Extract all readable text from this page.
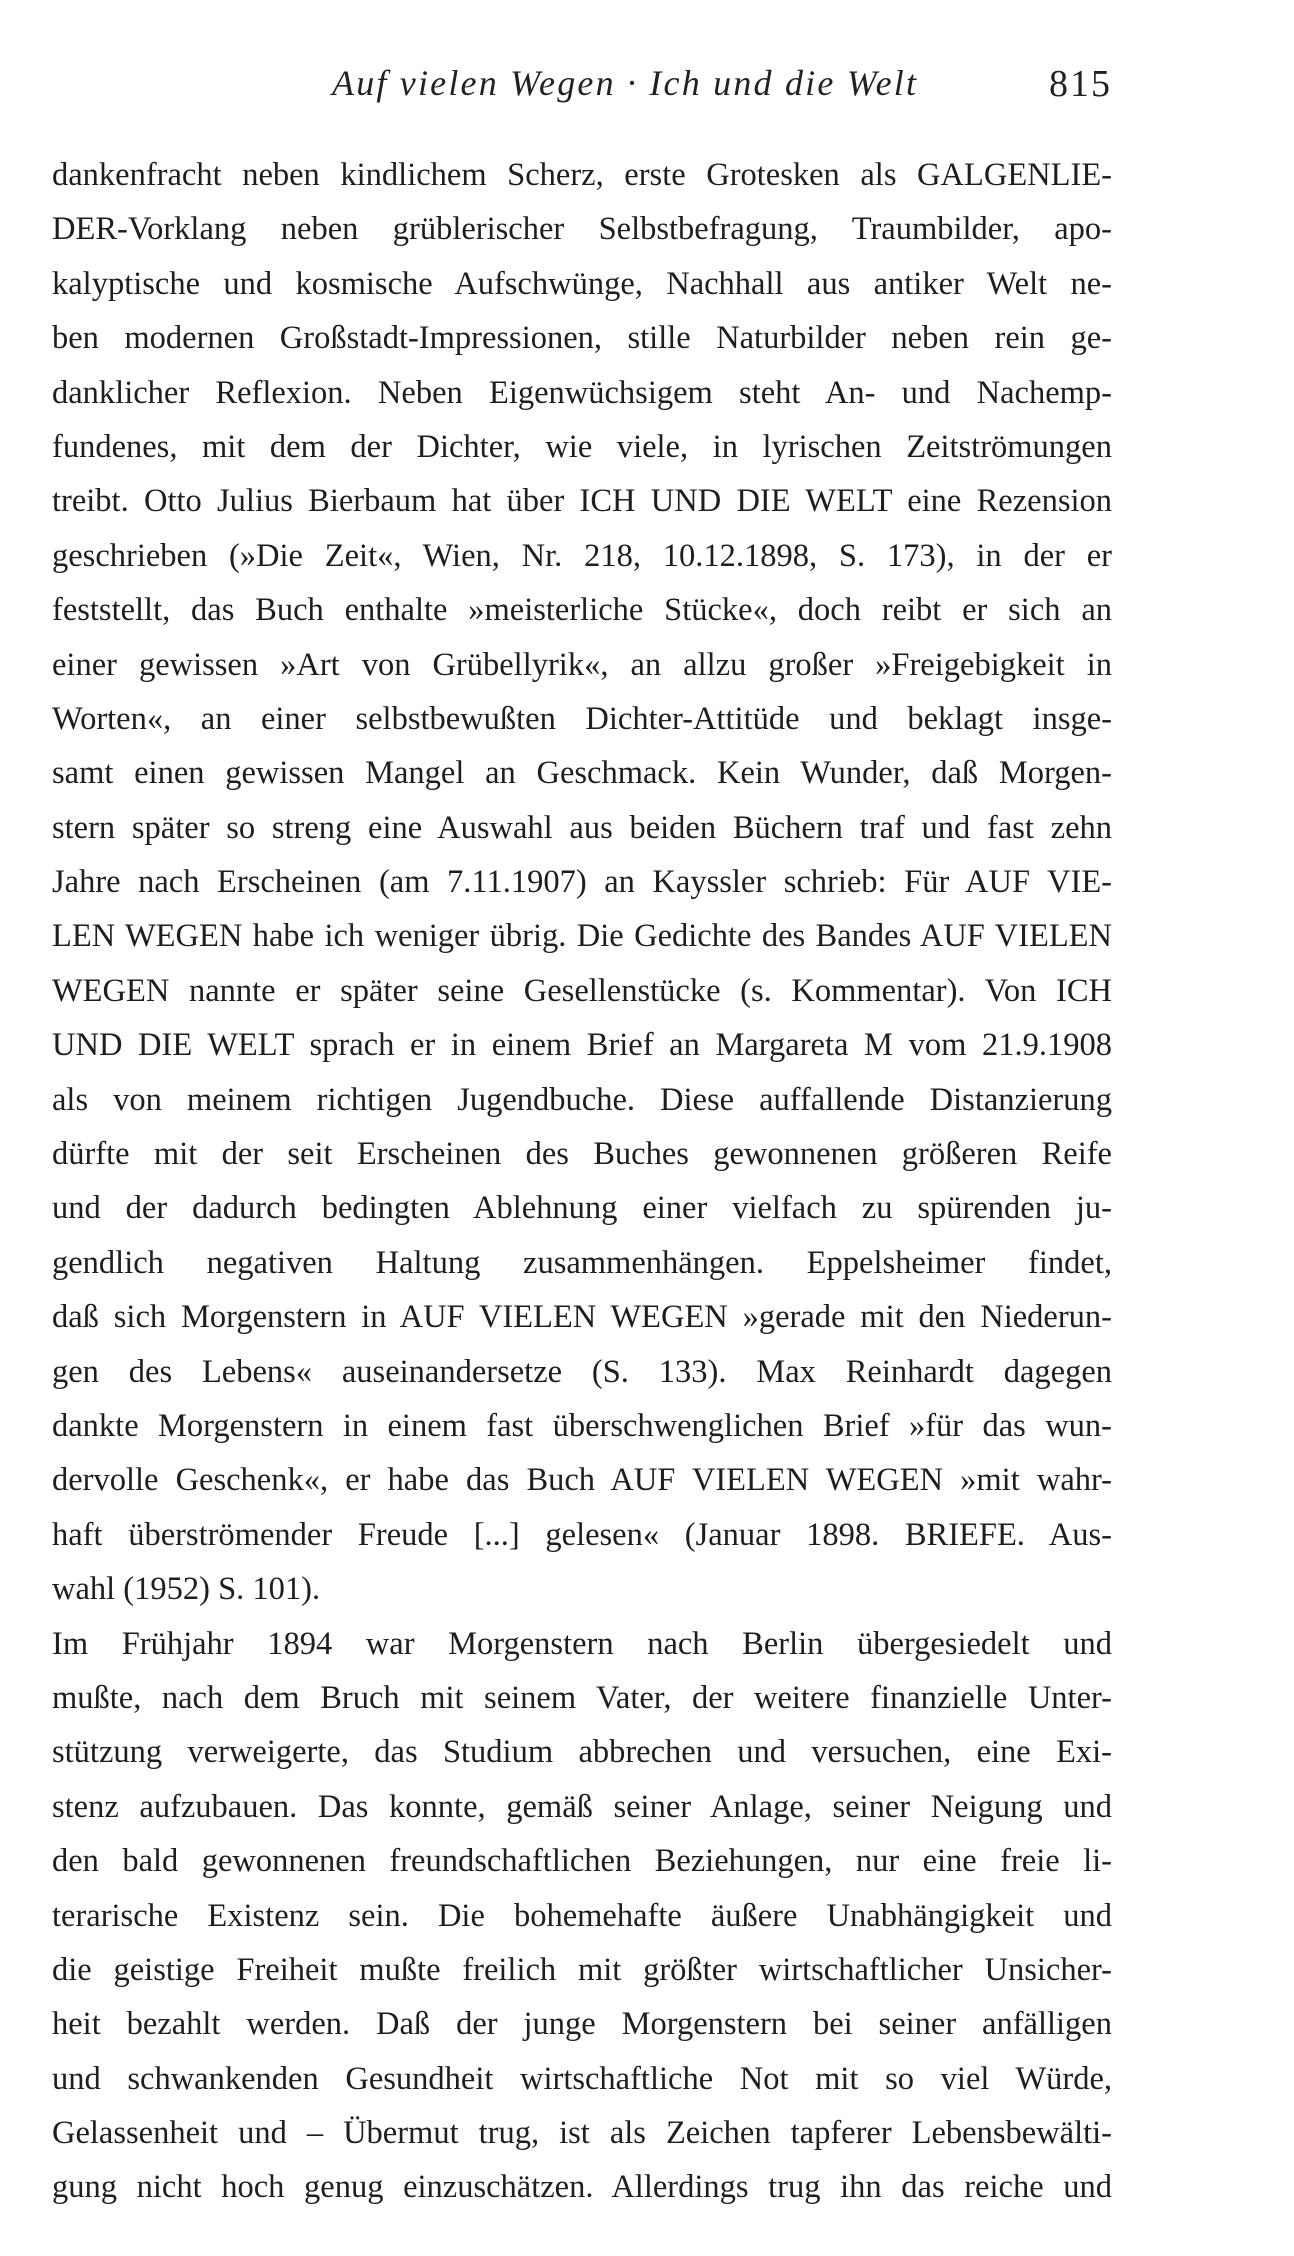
Auf vielen Wegen · Ich und die Welt	815
dankenfracht neben kindlichem Scherz, erste Grotesken als GALGENLIE-
DER-Vorklang neben grüblerischer Selbstbefragung, Traumbilder, apo-
kalyptische und kosmische Aufschwünge, Nachhall aus antiker Welt ne-
ben modernen Großstadt-Impressionen, stille Naturbilder neben rein ge-
danklicher Reflexion. Neben Eigenwüchsigem steht An- und Nachemp-
fundenes, mit dem der Dichter, wie viele, in lyrischen Zeitströmungen
treibt. Otto Julius Bierbaum hat über ICH UND DIE WELT eine Rezension
geschrieben (»Die Zeit«, Wien, Nr. 218, 10.12.1898, S. 173), in der er
feststellt, das Buch enthalte »meisterliche Stücke«, doch reibt er sich an
einer gewissen »Art von Grübellyrik«, an allzu großer »Freigebigkeit in
Worten«, an einer selbstbewußten Dichter-Attitüde und beklagt insge-
samt einen gewissen Mangel an Geschmack. Kein Wunder, daß Morgen-
stern später so streng eine Auswahl aus beiden Büchern traf und fast zehn
Jahre nach Erscheinen (am 7.11.1907) an Kayssler schrieb: Für AUF VIE-
LEN WEGEN habe ich weniger übrig. Die Gedichte des Bandes AUF VIELEN
WEGEN nannte er später seine Gesellenstücke (s. Kommentar). Von ICH
UND DIE WELT sprach er in einem Brief an Margareta M vom 21.9.1908
als von meinem richtigen Jugendbuche. Diese auffallende Distanzierung
dürfte mit der seit Erscheinen des Buches gewonnenen größeren Reife
und der dadurch bedingten Ablehnung einer vielfach zu spürenden ju-
gendlich negativen Haltung zusammenhängen. Eppelsheimer findet,
daß sich Morgenstern in AUF VIELEN WEGEN »gerade mit den Niederun-
gen des Lebens« auseinandersetze (S. 133). Max Reinhardt dagegen
dankte Morgenstern in einem fast überschwenglichen Brief »für das wun-
dervolle Geschenk«, er habe das Buch AUF VIELEN WEGEN »mit wahr-
haft überströmender Freude [...] gelesen« (Januar 1898. BRIEFE. Aus-
wahl (1952) S. 101).
Im Frühjahr 1894 war Morgenstern nach Berlin übergesiedelt und
mußte, nach dem Bruch mit seinem Vater, der weitere finanzielle Unter-
stützung verweigerte, das Studium abbrechen und versuchen, eine Exi-
stenz aufzubauen. Das konnte, gemäß seiner Anlage, seiner Neigung und
den bald gewonnenen freundschaftlichen Beziehungen, nur eine freie li-
terarische Existenz sein. Die bohemehafte äußere Unabhängigkeit und
die geistige Freiheit mußte freilich mit größter wirtschaftlicher Unsicher-
heit bezahlt werden. Daß der junge Morgenstern bei seiner anfälligen
und schwankenden Gesundheit wirtschaftliche Not mit so viel Würde,
Gelassenheit und – Übermut trug, ist als Zeichen tapferer Lebensbewälti-
gung nicht hoch genug einzuschätzen. Allerdings trug ihn das reiche und
